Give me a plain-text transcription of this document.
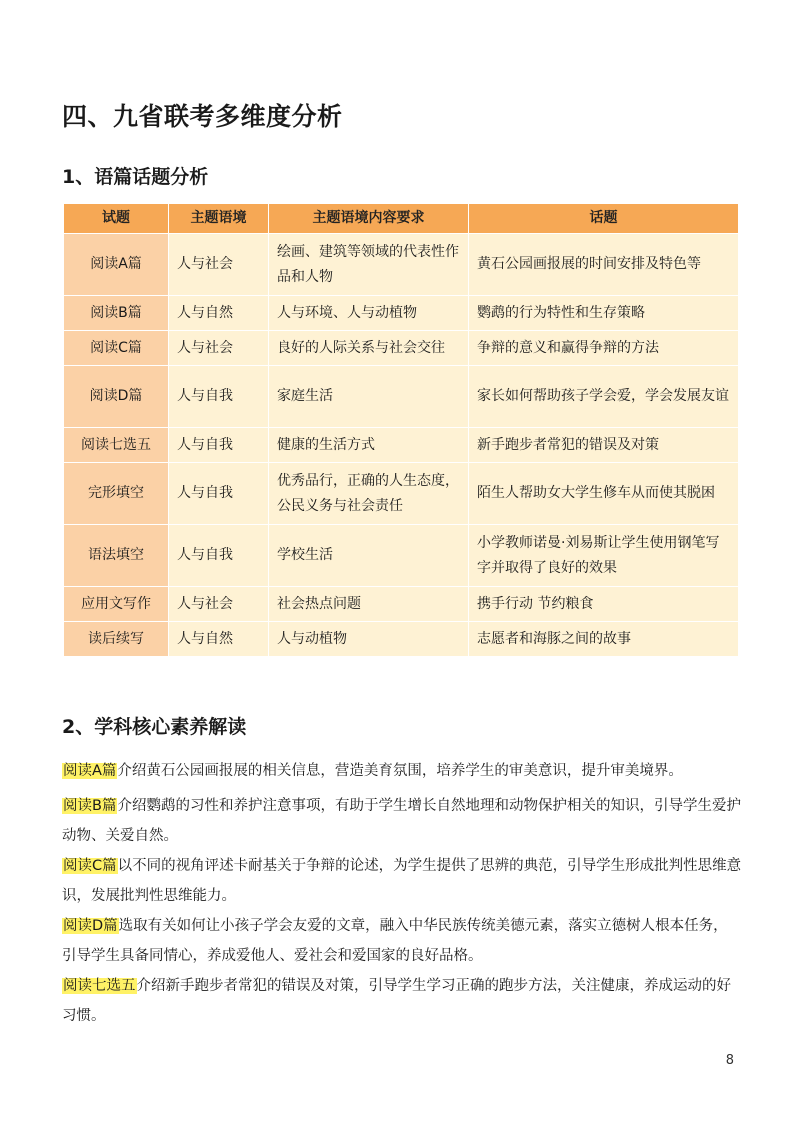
四、九省联考多维度分析
1、语篇话题分析
试题	主题语境	主题语境内容要求	话题
阅读A篇	人与社会	绘画、建筑等领域的代表性作品和人物	黄石公园画报展的时间安排及特色等
阅读B篇	人与自然	人与环境、人与动植物	鹦鹉的行为特性和生存策略
阅读C篇	人与社会	良好的人际关系与社会交往	争辩的意义和赢得争辩的方法
阅读D篇	人与自我	家庭生活	家长如何帮助孩子学会爱，学会发展友谊
阅读七选五	人与自我	健康的生活方式	新手跑步者常犯的错误及对策
完形填空	人与自我	优秀品行，正确的人生态度，公民义务与社会责任	陌生人帮助女大学生修车从而使其脱困
语法填空	人与自我	学校生活	小学教师诺曼·刘易斯让学生使用钢笔写字并取得了良好的效果
应用文写作	人与社会	社会热点问题	携手行动 节约粮食
读后续写	人与自然	人与动植物	志愿者和海豚之间的故事
2、学科核心素养解读

阅读A篇介绍黄石公园画报展的相关信息，营造美育氛围，培养学生的审美意识，提升审美境界。

阅读B篇介绍鹦鹉的习性和养护注意事项，有助于学生增长自然地理和动物保护相关的知识，引导学生爱护动物、关爱自然。

阅读C篇以不同的视角评述卡耐基关于争辩的论述，为学生提供了思辨的典范，引导学生形成批判性思维意识，发展批判性思维能力。

阅读D篇选取有关如何让小孩子学会友爱的文章，融入中华民族传统美德元素，落实立德树人根本任务，引导学生具备同情心，养成爱他人、爱社会和爱国家的良好品格。

阅读七选五介绍新手跑步者常犯的错误及对策，引导学生学习正确的跑步方法，关注健康，养成运动的好习惯。

8
